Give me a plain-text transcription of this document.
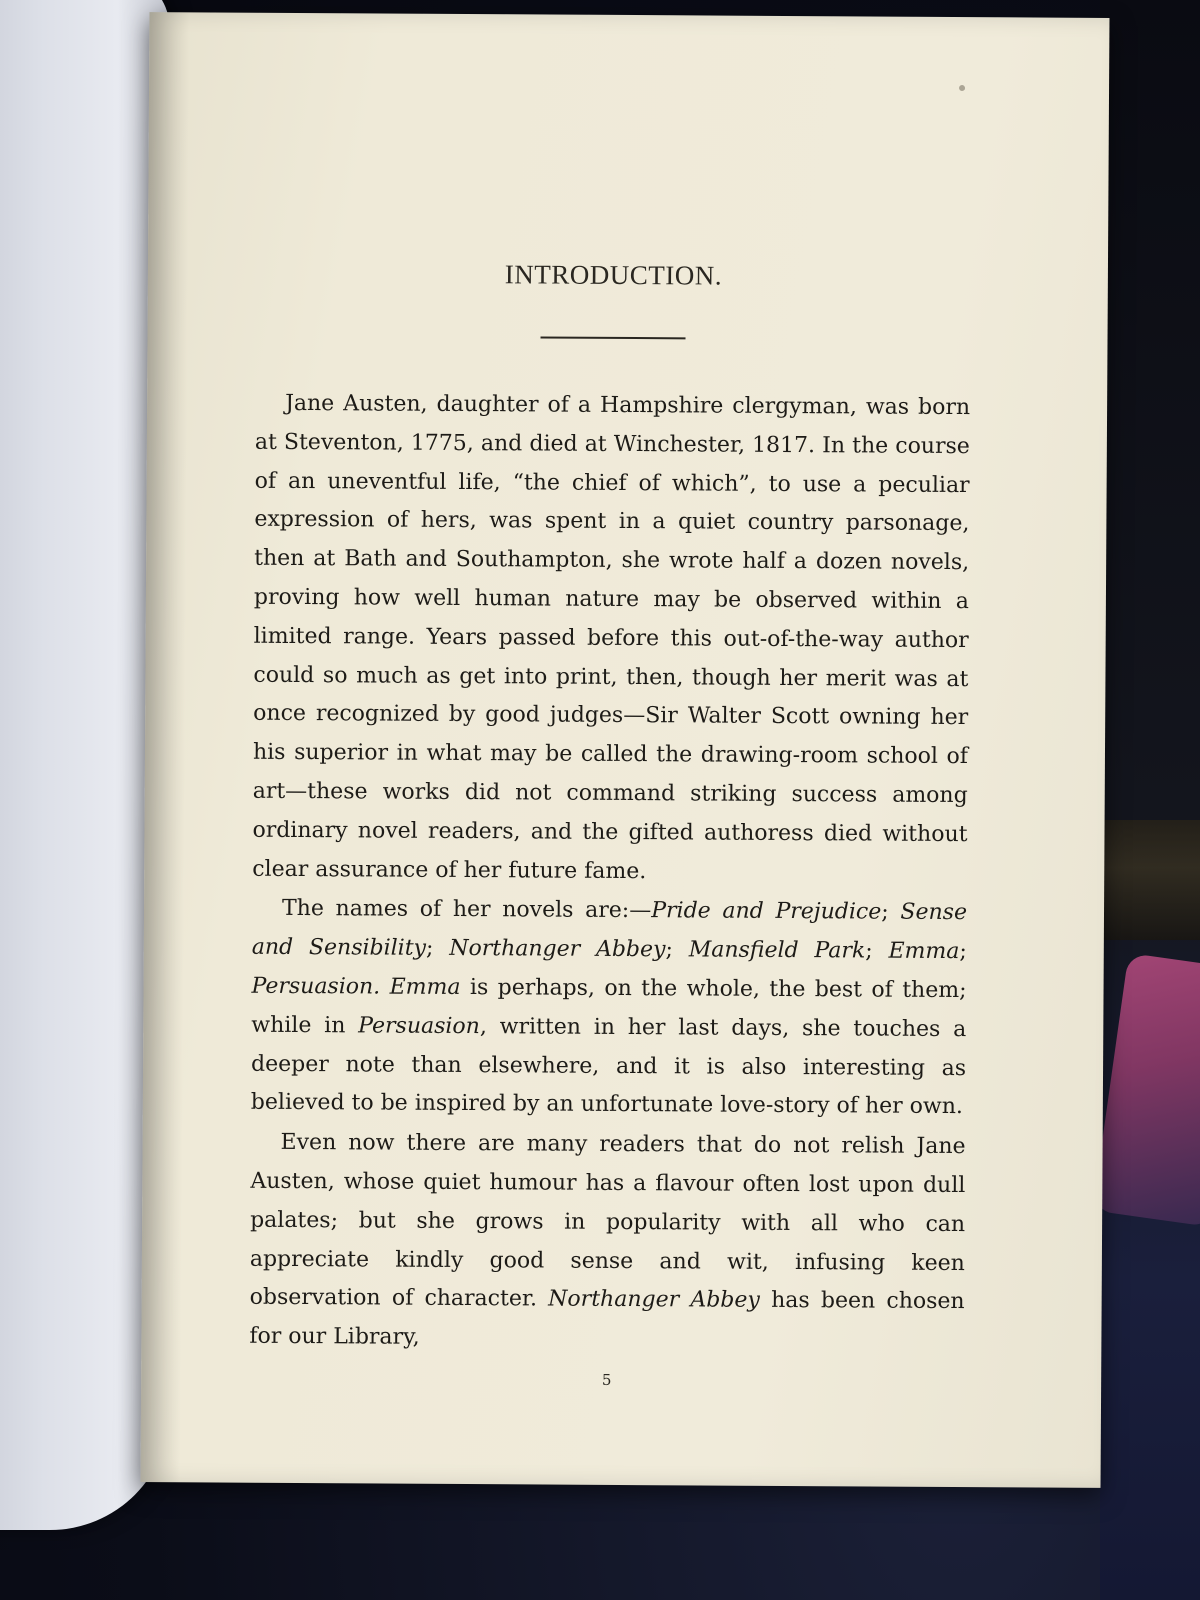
INTRODUCTION.

Jane Austen, daughter of a Hampshire clergyman, was born at Steventon, 1775, and died at Winchester, 1817. In the course of an uneventful life, “the chief of which”, to use a peculiar expression of hers, was spent in a quiet country parsonage, then at Bath and Southampton, she wrote half a dozen novels, proving how well human nature may be observed within a limited range. Years passed before this out-of-the-way author could so much as get into print, then, though her merit was at once recognized by good judges—Sir Walter Scott owning her his superior in what may be called the drawing-room school of art—these works did not command striking success among ordinary novel readers, and the gifted authoress died without clear assurance of her future fame.

The names of her novels are:—Pride and Prejudice; Sense and Sensibility; Northanger Abbey; Mansfield Park; Emma; Persuasion. Emma is perhaps, on the whole, the best of them; while in Persuasion, written in her last days, she touches a deeper note than elsewhere, and it is also interesting as believed to be inspired by an unfortunate love-story of her own.

Even now there are many readers that do not relish Jane Austen, whose quiet humour has a flavour often lost upon dull palates; but she grows in popularity with all who can appreciate kindly good sense and wit, infusing keen observation of character. Northanger Abbey has been chosen for our Library,

5
